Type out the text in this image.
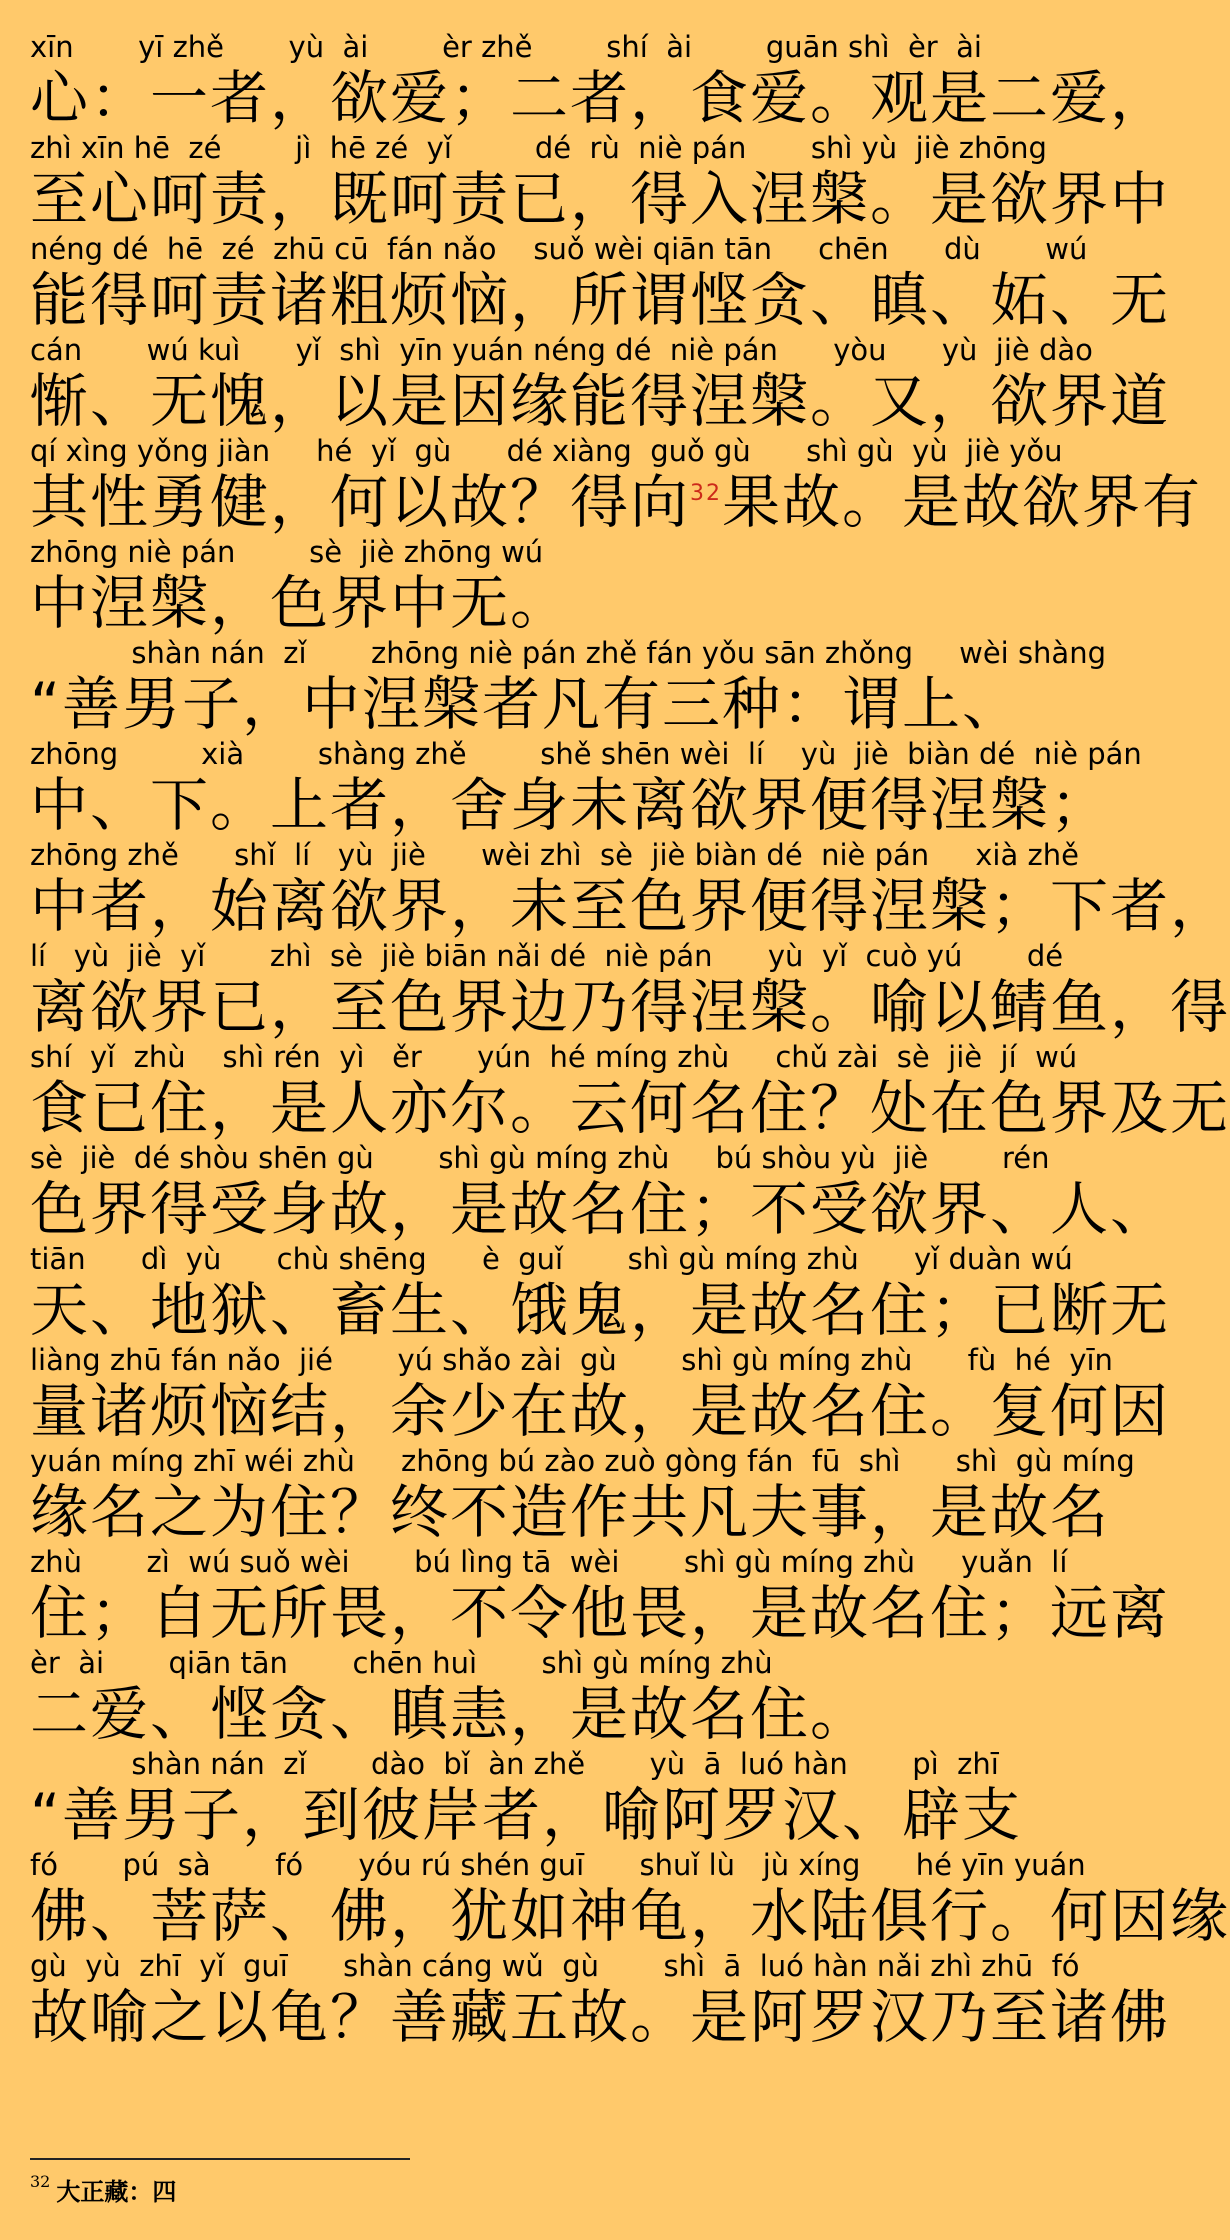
xīn       yī zhě       yù  ài        èr zhě        shí  ài        guān shì  èr  ài
心：一者，欲爱；二者，食爱。观是二爱，
zhì xīn hē  zé        jì  hē zé  yǐ         dé  rù  niè pán       shì yù  jiè zhōng
至心呵责，既呵责已，得入涅槃。是欲界中
néng dé  hē  zé  zhū cū  fán nǎo    suǒ wèi qiān tān     chēn      dù       wú
能得呵责诸粗烦恼，所谓悭贪、瞋、妬、无
cán       wú kuì      yǐ  shì  yīn yuán néng dé  niè pán      yòu      yù  jiè dào
惭、无愧，以是因缘能得涅槃。又，欲界道
qí xìng yǒng jiàn     hé  yǐ  gù      dé xiàng  guǒ gù      shì gù  yù  jiè yǒu
其性勇健，何以故？得向$^{32}$果故。是故欲界有
zhōng niè pán        sè  jiè zhōng wú
中涅槃，色界中无。
shàn nán  zǐ       zhōng niè pán zhě fán yǒu sān zhǒng     wèi shàng
“善男子，中涅槃者凡有三种：谓上、
zhōng         xià        shàng zhě        shě shēn wèi  lí    yù  jiè  biàn dé  niè pán
中、下。上者，舍身未离欲界便得涅槃；
zhōng zhě      shǐ  lí   yù  jiè      wèi zhì  sè  jiè biàn dé  niè pán     xià zhě
中者，始离欲界，未至色界便得涅槃；下者，
lí   yù  jiè  yǐ       zhì  sè  jiè biān nǎi dé  niè pán      yù  yǐ  cuò yú       dé
离欲界已，至色界边乃得涅槃。喻以鲭鱼，得
shí  yǐ  zhù    shì rén  yì   ěr      yún  hé míng zhù     chǔ zài  sè  jiè  jí  wú
食已住，是人亦尔。云何名住？处在色界及无
sè  jiè  dé shòu shēn gù       shì gù míng zhù     bú shòu yù  jiè        rén
色界得受身故，是故名住；不受欲界、人、
tiān      dì  yù      chù shēng      è  guǐ       shì gù míng zhù      yǐ duàn wú
天、地狱、畜生、饿鬼，是故名住；已断无
liàng zhū fán nǎo  jié       yú shǎo zài  gù       shì gù míng zhù      fù  hé  yīn
量诸烦恼结，余少在故，是故名住。复何因
yuán míng zhī wéi zhù     zhōng bú zào zuò gòng fán  fū  shì      shì  gù míng
缘名之为住？终不造作共凡夫事，是故名
zhù       zì  wú suǒ wèi       bú lìng tā  wèi       shì gù míng zhù     yuǎn  lí
住；自无所畏，不令他畏，是故名住；远离
èr  ài       qiān tān       chēn huì       shì gù míng zhù
二爱、悭贪、瞋恚，是故名住。
shàn nán  zǐ       dào  bǐ  àn zhě       yù  ā  luó hàn       pì  zhī
“善男子，到彼岸者，喻阿罗汉、辟支
fó       pú  sà       fó      yóu rú shén guī      shuǐ lù   jù xíng      hé yīn yuán
佛、菩萨、佛，犹如神龟，水陆俱行。何因缘
gù  yù  zhī  yǐ  guī      shàn cáng wǔ  gù       shì  ā  luó hàn nǎi zhì zhū  fó
故喻之以龟？善藏五故。是阿罗汉乃至诸佛
$^{32}$ 大正藏：四
